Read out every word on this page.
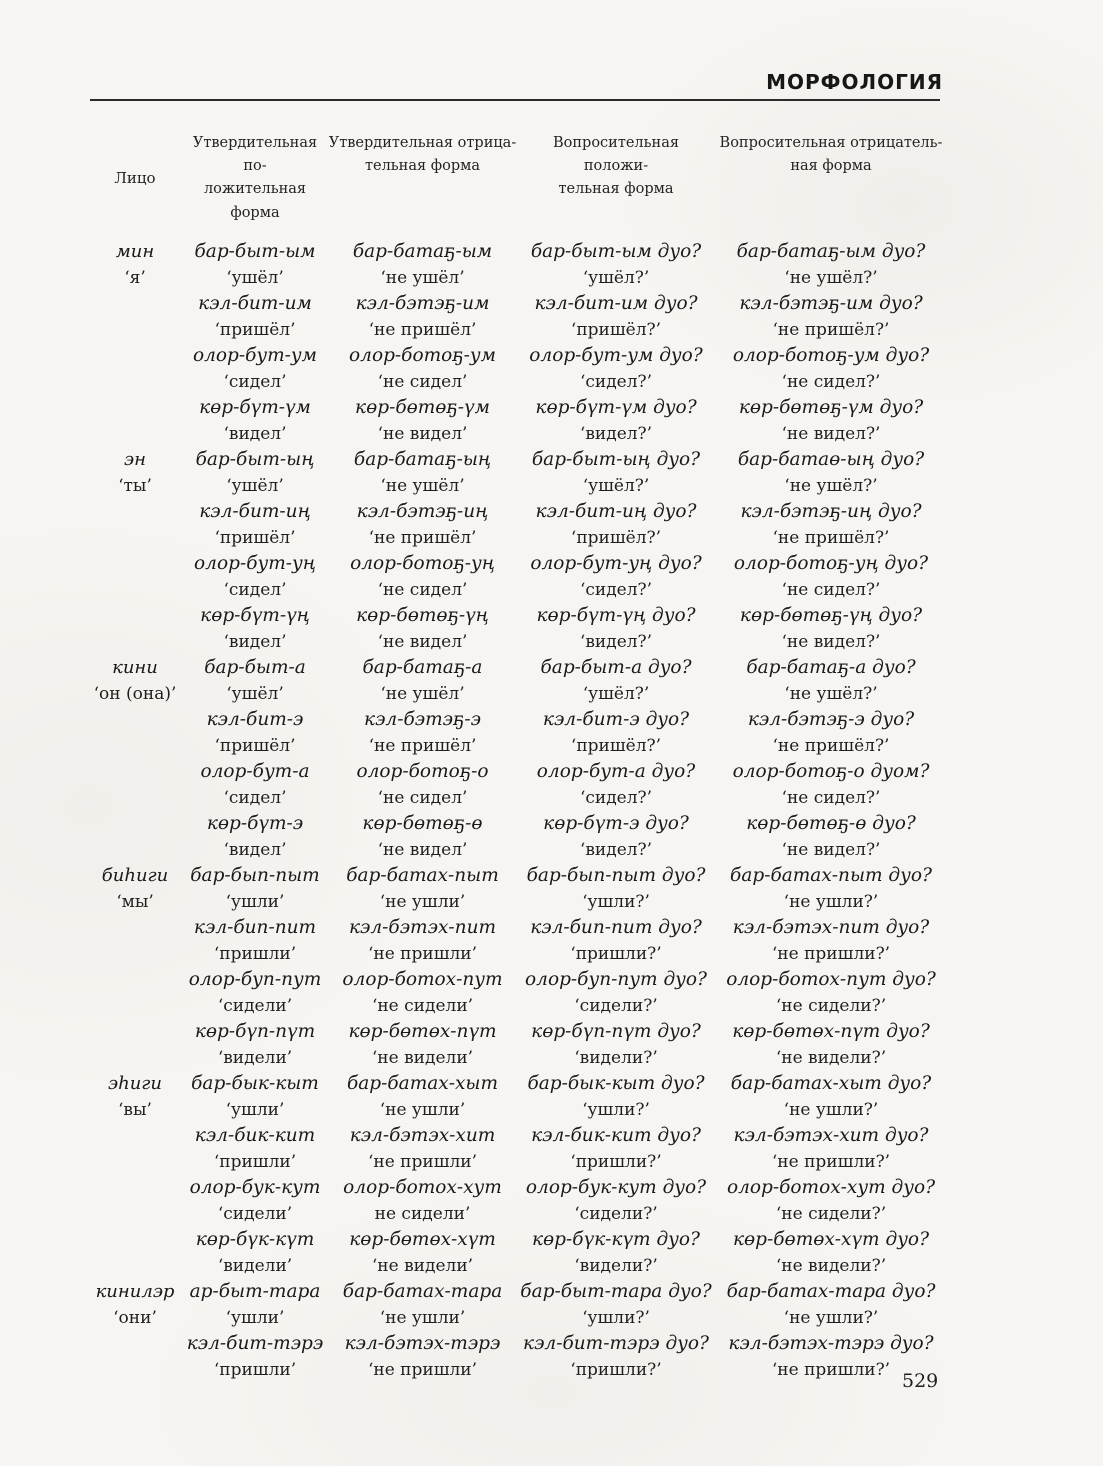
МОРФОЛОГИЯ
Лицо
Утвердительная по-
ложительная форма
Утвердительная отрица-
тельная форма
Вопросительная положи-
тельная форма
Вопросительная отрицатель-
ная форма
мин
‘я’
бар-быт-ым
‘ушёл’
бар-батаҕ-ым
‘не ушёл’
бар-быт-ым дуо?
‘ушёл?’
бар-батаҕ-ым дуо?
‘не ушёл?’
кэл-бит-им
‘пришёл’
кэл-бэтэҕ-им
‘не пришёл’
кэл-бит-им дуо?
‘пришёл?’
кэл-бэтэҕ-им дуо?
‘не пришёл?’
олор-бут-ум
‘сидел’
олор-ботоҕ-ум
‘не сидел’
олор-бут-ум дуо?
‘сидел?’
олор-ботоҕ-ум дуо?
‘не сидел?’
көр-бүт-үм
‘видел’
көр-бөтөҕ-үм
‘не видел’
көр-бүт-үм дуо?
‘видел?’
көр-бөтөҕ-үм дуо?
‘не видел?’
эн
‘ты’
бар-быт-ың
‘ушёл’
бар-батаҕ-ың
‘не ушёл’
бар-быт-ың дуо?
‘ушёл?’
бар-батаө-ың дуо?
‘не ушёл?’
кэл-бит-иң
‘пришёл’
кэл-бэтэҕ-иң
‘не пришёл’
кэл-бит-иң дуо?
‘пришёл?’
кэл-бэтэҕ-иң дуо?
‘не пришёл?’
олор-бут-уң
‘сидел’
олор-ботоҕ-уң
‘не сидел’
олор-бут-уң дуо?
‘сидел?’
олор-ботоҕ-уң дуо?
‘не сидел?’
көр-бүт-үң
‘видел’
көр-бөтөҕ-үң
‘не видел’
көр-бүт-үң дуо?
‘видел?’
көр-бөтөҕ-үң дуо?
‘не видел?’
кини
‘он (она)’
бар-быт-а
‘ушёл’
бар-батаҕ-а
‘не ушёл’
бар-быт-а дуо?
‘ушёл?’
бар-батаҕ-а дуо?
‘не ушёл?’
кэл-бит-э
‘пришёл’
кэл-бэтэҕ-э
‘не пришёл’
кэл-бит-э дуо?
‘пришёл?’
кэл-бэтэҕ-э дуо?
‘не пришёл?’
олор-бут-а
‘сидел’
олор-ботоҕ-о
‘не сидел’
олор-бут-а дуо?
‘сидел?’
олор-ботоҕ-о дуом?
‘не сидел?’
көр-бүт-э
‘видел’
көр-бөтөҕ-ө
‘не видел’
көр-бүт-э дуо?
‘видел?’
көр-бөтөҕ-ө дуо?
‘не видел?’
биһиги
‘мы’
бар-бып-пыт
‘ушли’
бар-батах-пыт
‘не ушли’
бар-бып-пыт дуо?
‘ушли?’
бар-батах-пыт дуо?
‘не ушли?’
кэл-бип-пит
‘пришли’
кэл-бэтэх-пит
‘не пришли’
кэл-бип-пит дуо?
‘пришли?’
кэл-бэтэх-пит дуо?
‘не пришли?’
олор-буп-пут
‘сидели’
олор-ботох-пут
‘не сидели’
олор-буп-пут дуо?
‘сидели?’
олор-ботох-пут дуо?
‘не сидели?’
көр-бүп-пүт
‘видели’
көр-бөтөх-пүт
‘не видели’
көр-бүп-пүт дуо?
‘видели?’
көр-бөтөх-пүт дуо?
‘не видели?’
эһиги
‘вы’
бар-бык-кыт
‘ушли’
бар-батах-хыт
‘не ушли’
бар-бык-кыт дуо?
‘ушли?’
бар-батах-хыт дуо?
‘не ушли?’
кэл-бик-кит
‘пришли’
кэл-бэтэх-хит
‘не пришли’
кэл-бик-кит дуо?
‘пришли?’
кэл-бэтэх-хит дуо?
‘не пришли?’
олор-бук-кут
‘сидели’
олор-ботох-хут
не сидели’
олор-бук-кут дуо?
‘сидели?’
олор-ботох-хут дуо?
‘не сидели?’
көр-бүк-күт
‘видели’
көр-бөтөх-хүт
‘не видели’
көр-бүк-күт дуо?
‘видели?’
көр-бөтөх-хүт дуо?
‘не видели?’
кинилэр
‘они’
ар-быт-тара
‘ушли’
бар-батах-тара
‘не ушли’
бар-быт-тара дуо?
‘ушли?’
бар-батах-тара дуо?
‘не ушли?’
кэл-бит-тэрэ
‘пришли’
кэл-бэтэх-тэрэ
‘не пришли’
кэл-бит-тэрэ дуо?
‘пришли?’
кэл-бэтэх-тэрэ дуо?
‘не пришли?’
529
